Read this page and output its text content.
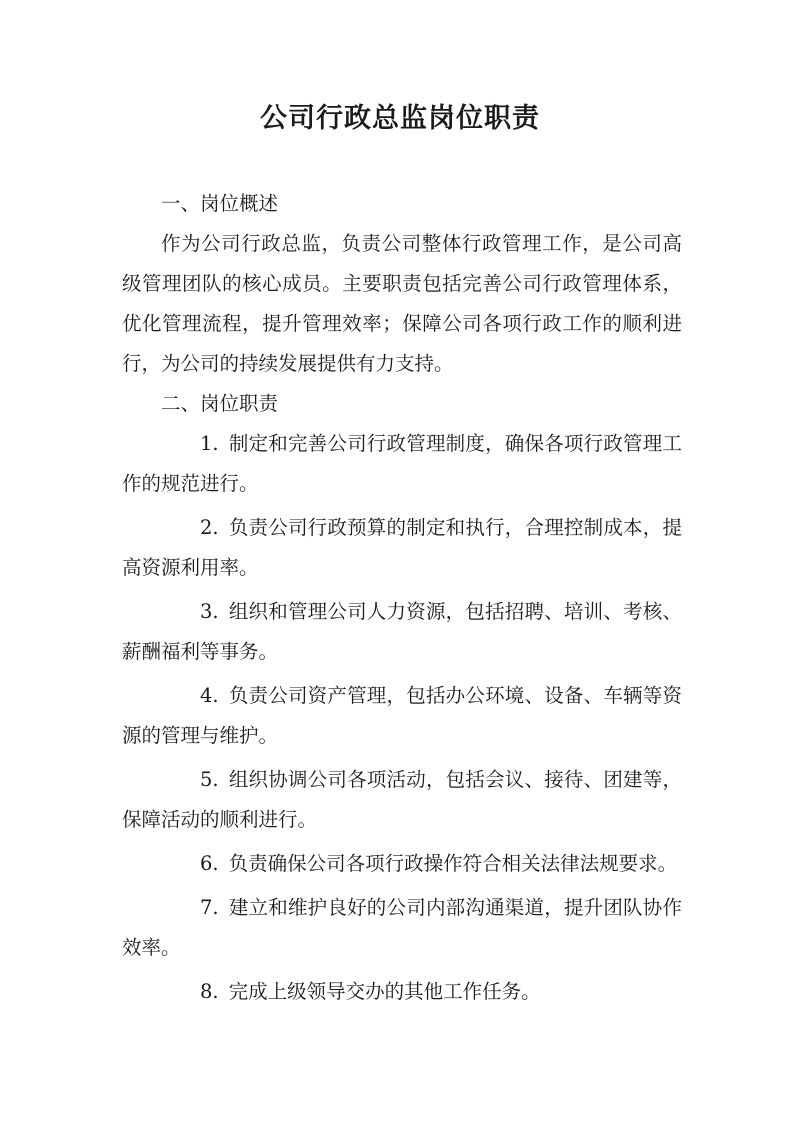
公司行政总监岗位职责

一、岗位概述

作为公司行政总监，负责公司整体行政管理工作，是公司高级管理团队的核心成员。主要职责包括完善公司行政管理体系，优化管理流程，提升管理效率；保障公司各项行政工作的顺利进行，为公司的持续发展提供有力支持。

二、岗位职责

1. 制定和完善公司行政管理制度，确保各项行政管理工作的规范进行。
2. 负责公司行政预算的制定和执行，合理控制成本，提高资源利用率。
3. 组织和管理公司人力资源，包括招聘、培训、考核、薪酬福利等事务。
4. 负责公司资产管理，包括办公环境、设备、车辆等资源的管理与维护。
5. 组织协调公司各项活动，包括会议、接待、团建等，保障活动的顺利进行。
6. 负责确保公司各项行政操作符合相关法律法规要求。
7. 建立和维护良好的公司内部沟通渠道，提升团队协作效率。
8. 完成上级领导交办的其他工作任务。
